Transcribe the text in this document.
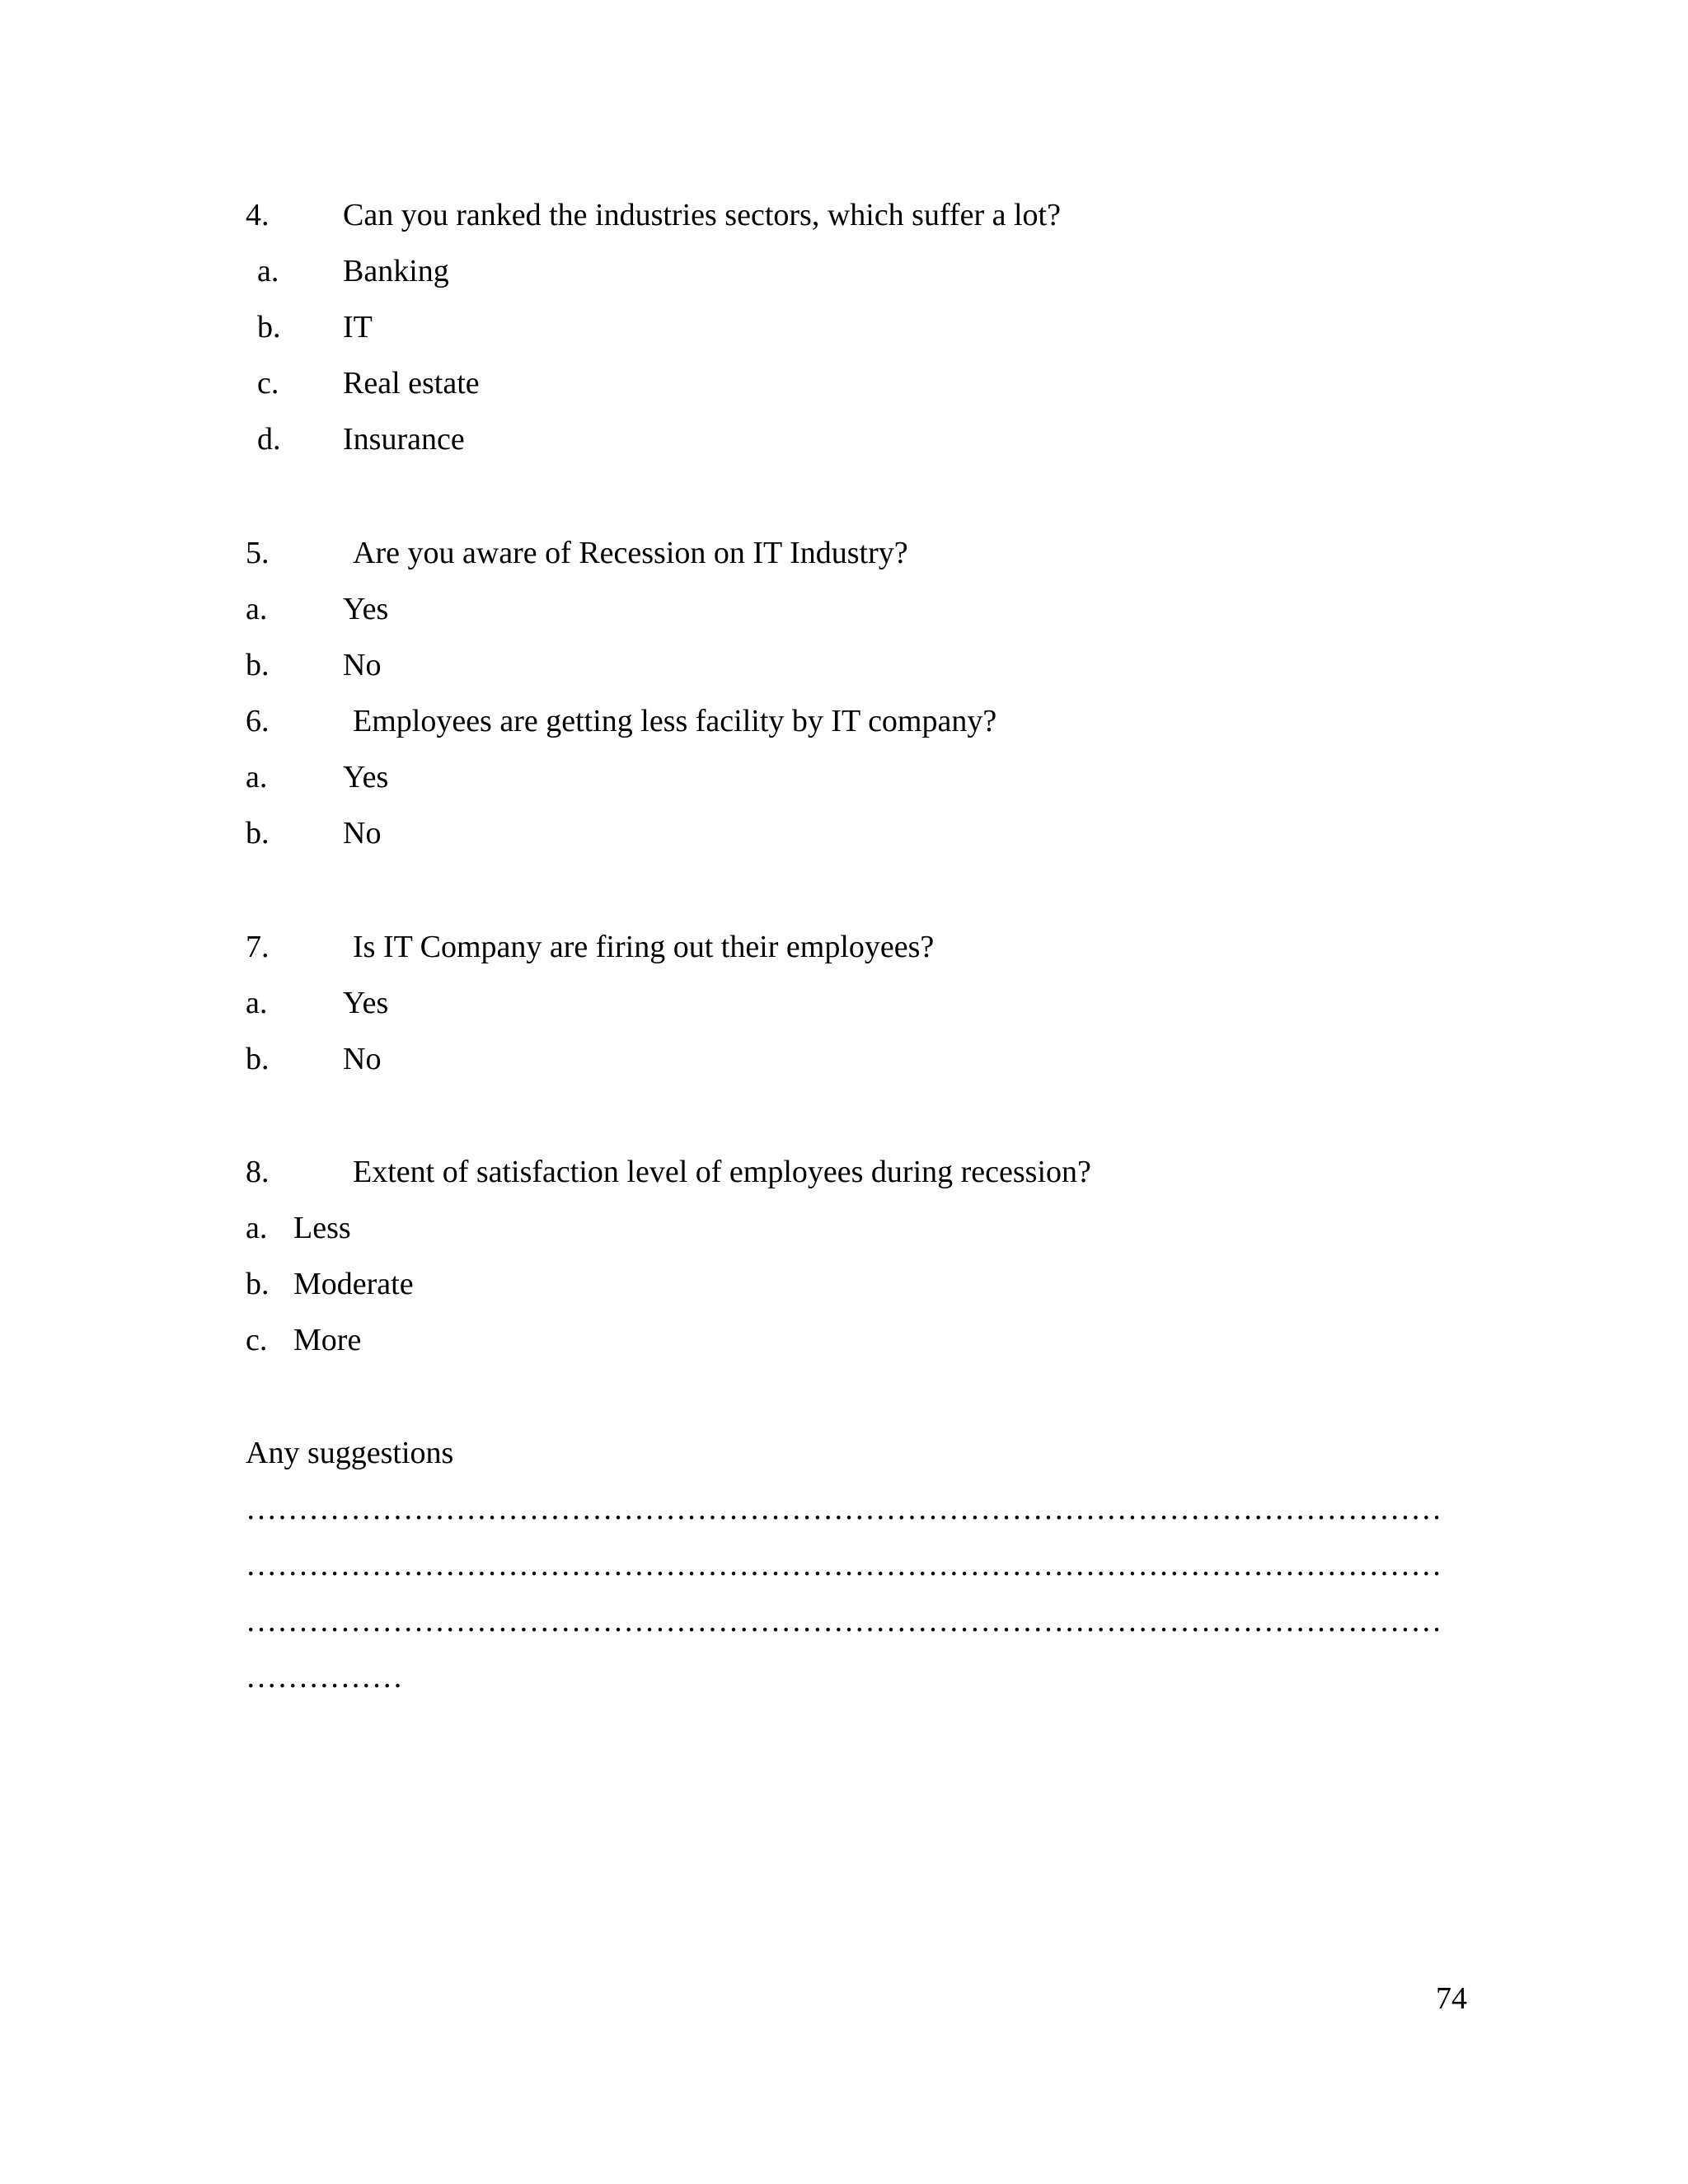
4. Can you ranked the industries sectors, which suffer a lot?
a. Banking
b. IT
c. Real estate
d. Insurance
5.	Are you aware of Recession on IT Industry?
a. Yes
b. No
6.	Employees are getting less facility by IT company?
a. Yes
b. No
7.	Is IT Company are firing out their employees?
a. Yes
b. No
8.	Extent of satisfaction level of employees during recession?
a. Less
b. Moderate
c. More
Any suggestions
……………………………………………………………………………………………………
……………………………………………………………………………………………………
……………………………………………………………………………………………………
……………
74
